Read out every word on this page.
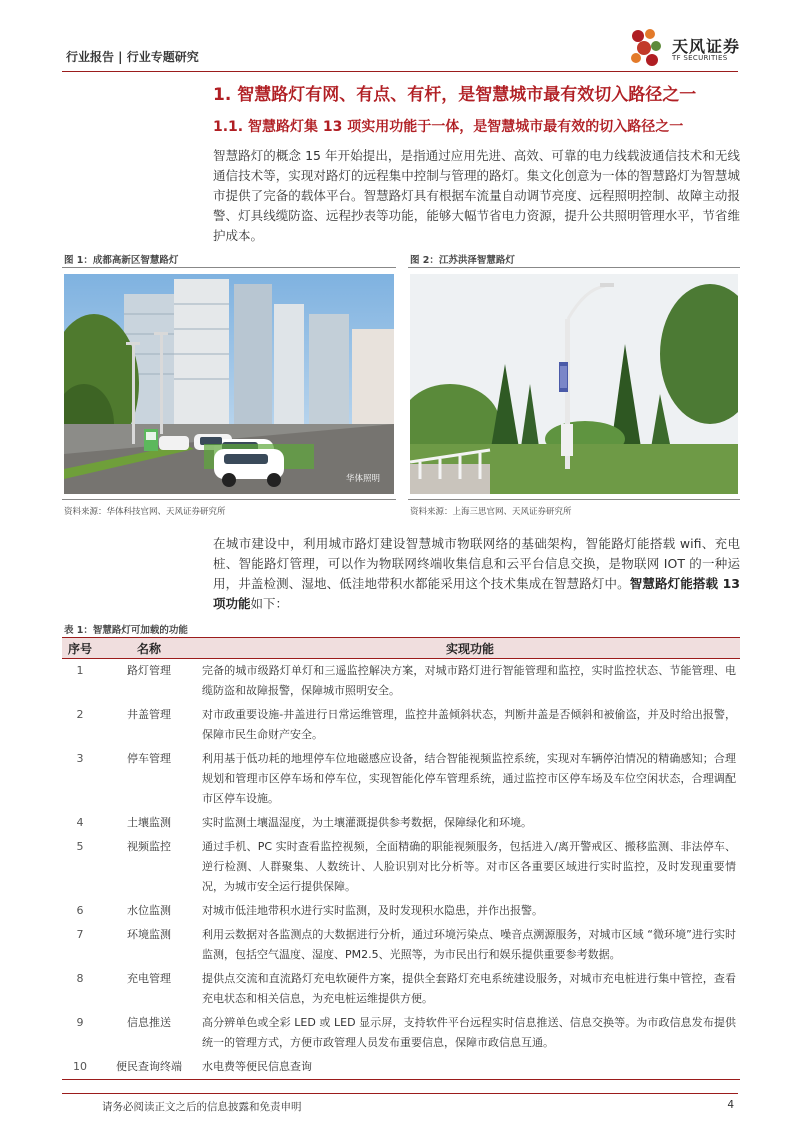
行业报告 | 行业专题研究
天风证券
TF SECURITIES
1. 智慧路灯有网、有点、有杆，是智慧城市最有效切入路径之一
1.1. 智慧路灯集 13 项实用功能于一体，是智慧城市最有效的切入路径之一
智慧路灯的概念 15 年开始提出，是指通过应用先进、高效、可靠的电力线载波通信技术和无线通信技术等，实现对路灯的远程集中控制与管理的路灯。集文化创意为一体的智慧路灯为智慧城市提供了完备的载体平台。智慧路灯具有根据车流量自动调节亮度、远程照明控制、故障主动报警、灯具线缆防盗、远程抄表等功能，能够大幅节省电力资源，提升公共照明管理水平，节省维护成本。
图 1：成都高新区智慧路灯	图 2：江苏洪泽智慧路灯
华体照明
资料来源：华体科技官网、天风证券研究所	资料来源：上海三思官网、天风证券研究所
在城市建设中，利用城市路灯建设智慧城市物联网络的基础架构，智能路灯能搭载 wifi、充电桩、智能路灯管理，可以作为物联网终端收集信息和云平台信息交换，是物联网 IOT 的一种运用，井盖检测、湿地、低洼地带积水都能采用这个技术集成在智慧路灯中。智慧路灯能搭载 13 项功能如下：
表 1：智慧路灯可加载的功能
序号	名称	实现功能
1	路灯管理	完备的城市级路灯单灯和三遥监控解决方案，对城市路灯进行智能管理和监控，实时监控状态、节能管理、电缆防盗和故障报警，保障城市照明安全。
2	井盖管理	对市政重要设施-井盖进行日常运维管理，监控井盖倾斜状态，判断井盖是否倾斜和被偷盗，并及时给出报警，保障市民生命财产安全。
3	停车管理	利用基于低功耗的地埋停车位地磁感应设备，结合智能视频监控系统，实现对车辆停泊情况的精确感知；合理规划和管理市区停车场和停车位，实现智能化停车管理系统，通过监控市区停车场及车位空闲状态，合理调配市区停车设施。
4	土壤监测	实时监测土壤温湿度，为土壤灌溉提供参考数据，保障绿化和环境。
5	视频监控	通过手机、PC 实时查看监控视频，全面精确的职能视频服务，包括进入/离开警戒区、搬移监测、非法停车、逆行检测、人群聚集、人数统计、人脸识别对比分析等。对市区各重要区域进行实时监控，及时发现重要情况，为城市安全运行提供保障。
6	水位监测	对城市低洼地带积水进行实时监测，及时发现积水隐患，并作出报警。
7	环境监测	利用云数据对各监测点的大数据进行分析，通过环境污染点、噪音点溯源服务，对城市区域 “微环境”进行实时监测，包括空气温度、湿度、PM2.5、光照等，为市民出行和娱乐提供重要参考数据。
8	充电管理	提供点交流和直流路灯充电软硬件方案，提供全套路灯充电系统建设服务，对城市充电桩进行集中管控，查看充电状态和相关信息，为充电桩运维提供方便。
9	信息推送	高分辨单色或全彩 LED 或 LED 显示屏，支持软件平台远程实时信息推送、信息交换等。为市政信息发布提供统一的管理方式，方便市政管理人员发布重要信息，保障市政信息互通。
10	便民查询终端	水电费等便民信息查询
请务必阅读正文之后的信息披露和免责申明	4
